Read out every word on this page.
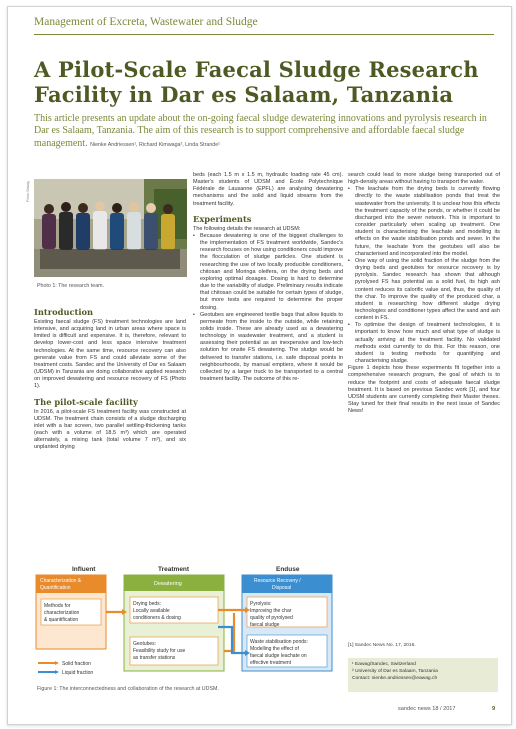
Management of Excreta, Wastewater and Sludge
A Pilot-Scale Faecal Sludge Research Facility in Dar es Salaam, Tanzania
This article presents an update about the on-going faecal sludge dewatering innovations and pyrolysis research in Dar es Salaam, Tanzania. The aim of this research is to support comprehensive and affordable faecal sludge management. Nienke Andriessen¹, Richard Kimwaga², Linda Strande¹
Photo: Eawag
Photo 1: The research team.
Introduction

Existing faecal sludge (FS) treatment technologies are land intensive, and acquiring land in urban areas where space is limited is difficult and expensive. It is, therefore, relevant to develop lower-cost and less space intensive treatment technologies. At the same time, resource recovery can also generate value from FS and could alleviate some of the treatment costs. Sandec and the University of Dar es Salaam (UDSM) in Tanzania are doing collaborative applied research on improved dewatering and resource recovery of FS (Photo 1).

The pilot-scale facility

In 2016, a pilot-scale FS treatment facility was constructed at UDSM. The treatment chain consists of a sludge discharging inlet with a bar screen, two parallel settling-thickening tanks (each with a volume of 18.5 m³) which are operated alternately, a mixing tank (total volume 7 m³), and six unplanted drying

beds (each 1.5 m x 1.5 m, hydraulic loading rate 45 cm). Master's students of UDSM and École Polytechnique Fédérale de Lausanne (EPFL) are analysing dewatering mechanisms and the solid and liquid streams from the treatment facility.

Experiments

The following details the research at UDSM:

▪ Because dewatering is one of the biggest challenges to the implementation of FS treatment worldwide, Sandec's research focuses on how using conditioners could improve the flocculation of sludge particles. One student is researching the use of two locally producible conditioners, chitosan and Moringa oleifera, on the drying beds and exploring optimal dosages. Dosing is hard to determine due to the variability of sludge. Preliminary results indicate that chitosan could be suitable for certain types of sludge, but more tests are required to determine the proper dosing.
▪ Geotubes are engineered textile bags that allow liquids to permeate from the inside to the outside, while retaining solids inside. These are already used as a dewatering technology in wastewater treatment, and a student is assessing their potential as an inexpensive and low-tech solution for onsite FS dewatering. The sludge would be delivered to transfer stations, i.e. safe disposal points in neighbourhoods, by manual emptiers, where it would be collected by a larger truck to be transported to a central treatment facility. The outcome of this re-

search could lead to more sludge being transported out of high-density areas without having to transport the water.

▪ The leachate from the drying beds is currently flowing directly to the waste stabilisation ponds that treat the wastewater from the university. It is unclear how this effects the treatment capacity of the ponds, or whether it could be discharged into the sewer network. This is important to consider particularly when scaling up treatment. One student is characterising the leachate and modelling its effects on the waste stabilisation ponds and sewer. In the future, the leachate from the geotubes will also be characterised and incorporated into the model.
▪ One way of using the solid fraction of the sludge from the drying beds and geotubes for resource recovery is by pyrolysis. Sandec research has shown that although pyrolysed FS has potential as a solid fuel, its high ash content reduces its calorific value and, thus, the quality of the char. To improve the quality of the produced char, a student is researching how different sludge drying technologies and conditioner types affect the sand and ash content in FS.
▪ To optimise the design of treatment technologies, it is important to know how much and what type of sludge is actually arriving at the treatment facility. No validated methods exist currently to do this. For this reason, one student is testing methods for quantifying and characterising sludge.

Figure 1 depicts how these experiments fit together into a comprehensive research program, the goal of which is to reduce the footprint and costs of adequate faecal sludge treatment. It is based on previous Sandec work [1], and four UDSM students are currently completing their Master theses. Stay tuned for their final results in the next issue of Sandec News!

[1] Sandec News No. 17, 2016.
¹ Eawag/Sandec, Switzerland
² University of Dar es Salaam, Tanzania
Contact: nienke.andriessen@eawag.ch
Influent	Treatment	Enduse
Characterization &
Quantification
Methods for
characterization
& quantification
Dewatering
Drying beds:
Locally available
conditioners & dosing
Geotubes:
Feasibility study for use
as transfer stations
Resource Recovery /
Disposal
Pyrolysis:
Improving the char
quality of pyrolysed
faecal sludge
Waste stabilisation ponds:
Modelling the effect of
faecal sludge leachate on
effective treatment
Solid fraction
Liquid fraction
Figure 1: The interconnectedness and collaboration of the research at UDSM.
sandec news 18 / 2017	9
